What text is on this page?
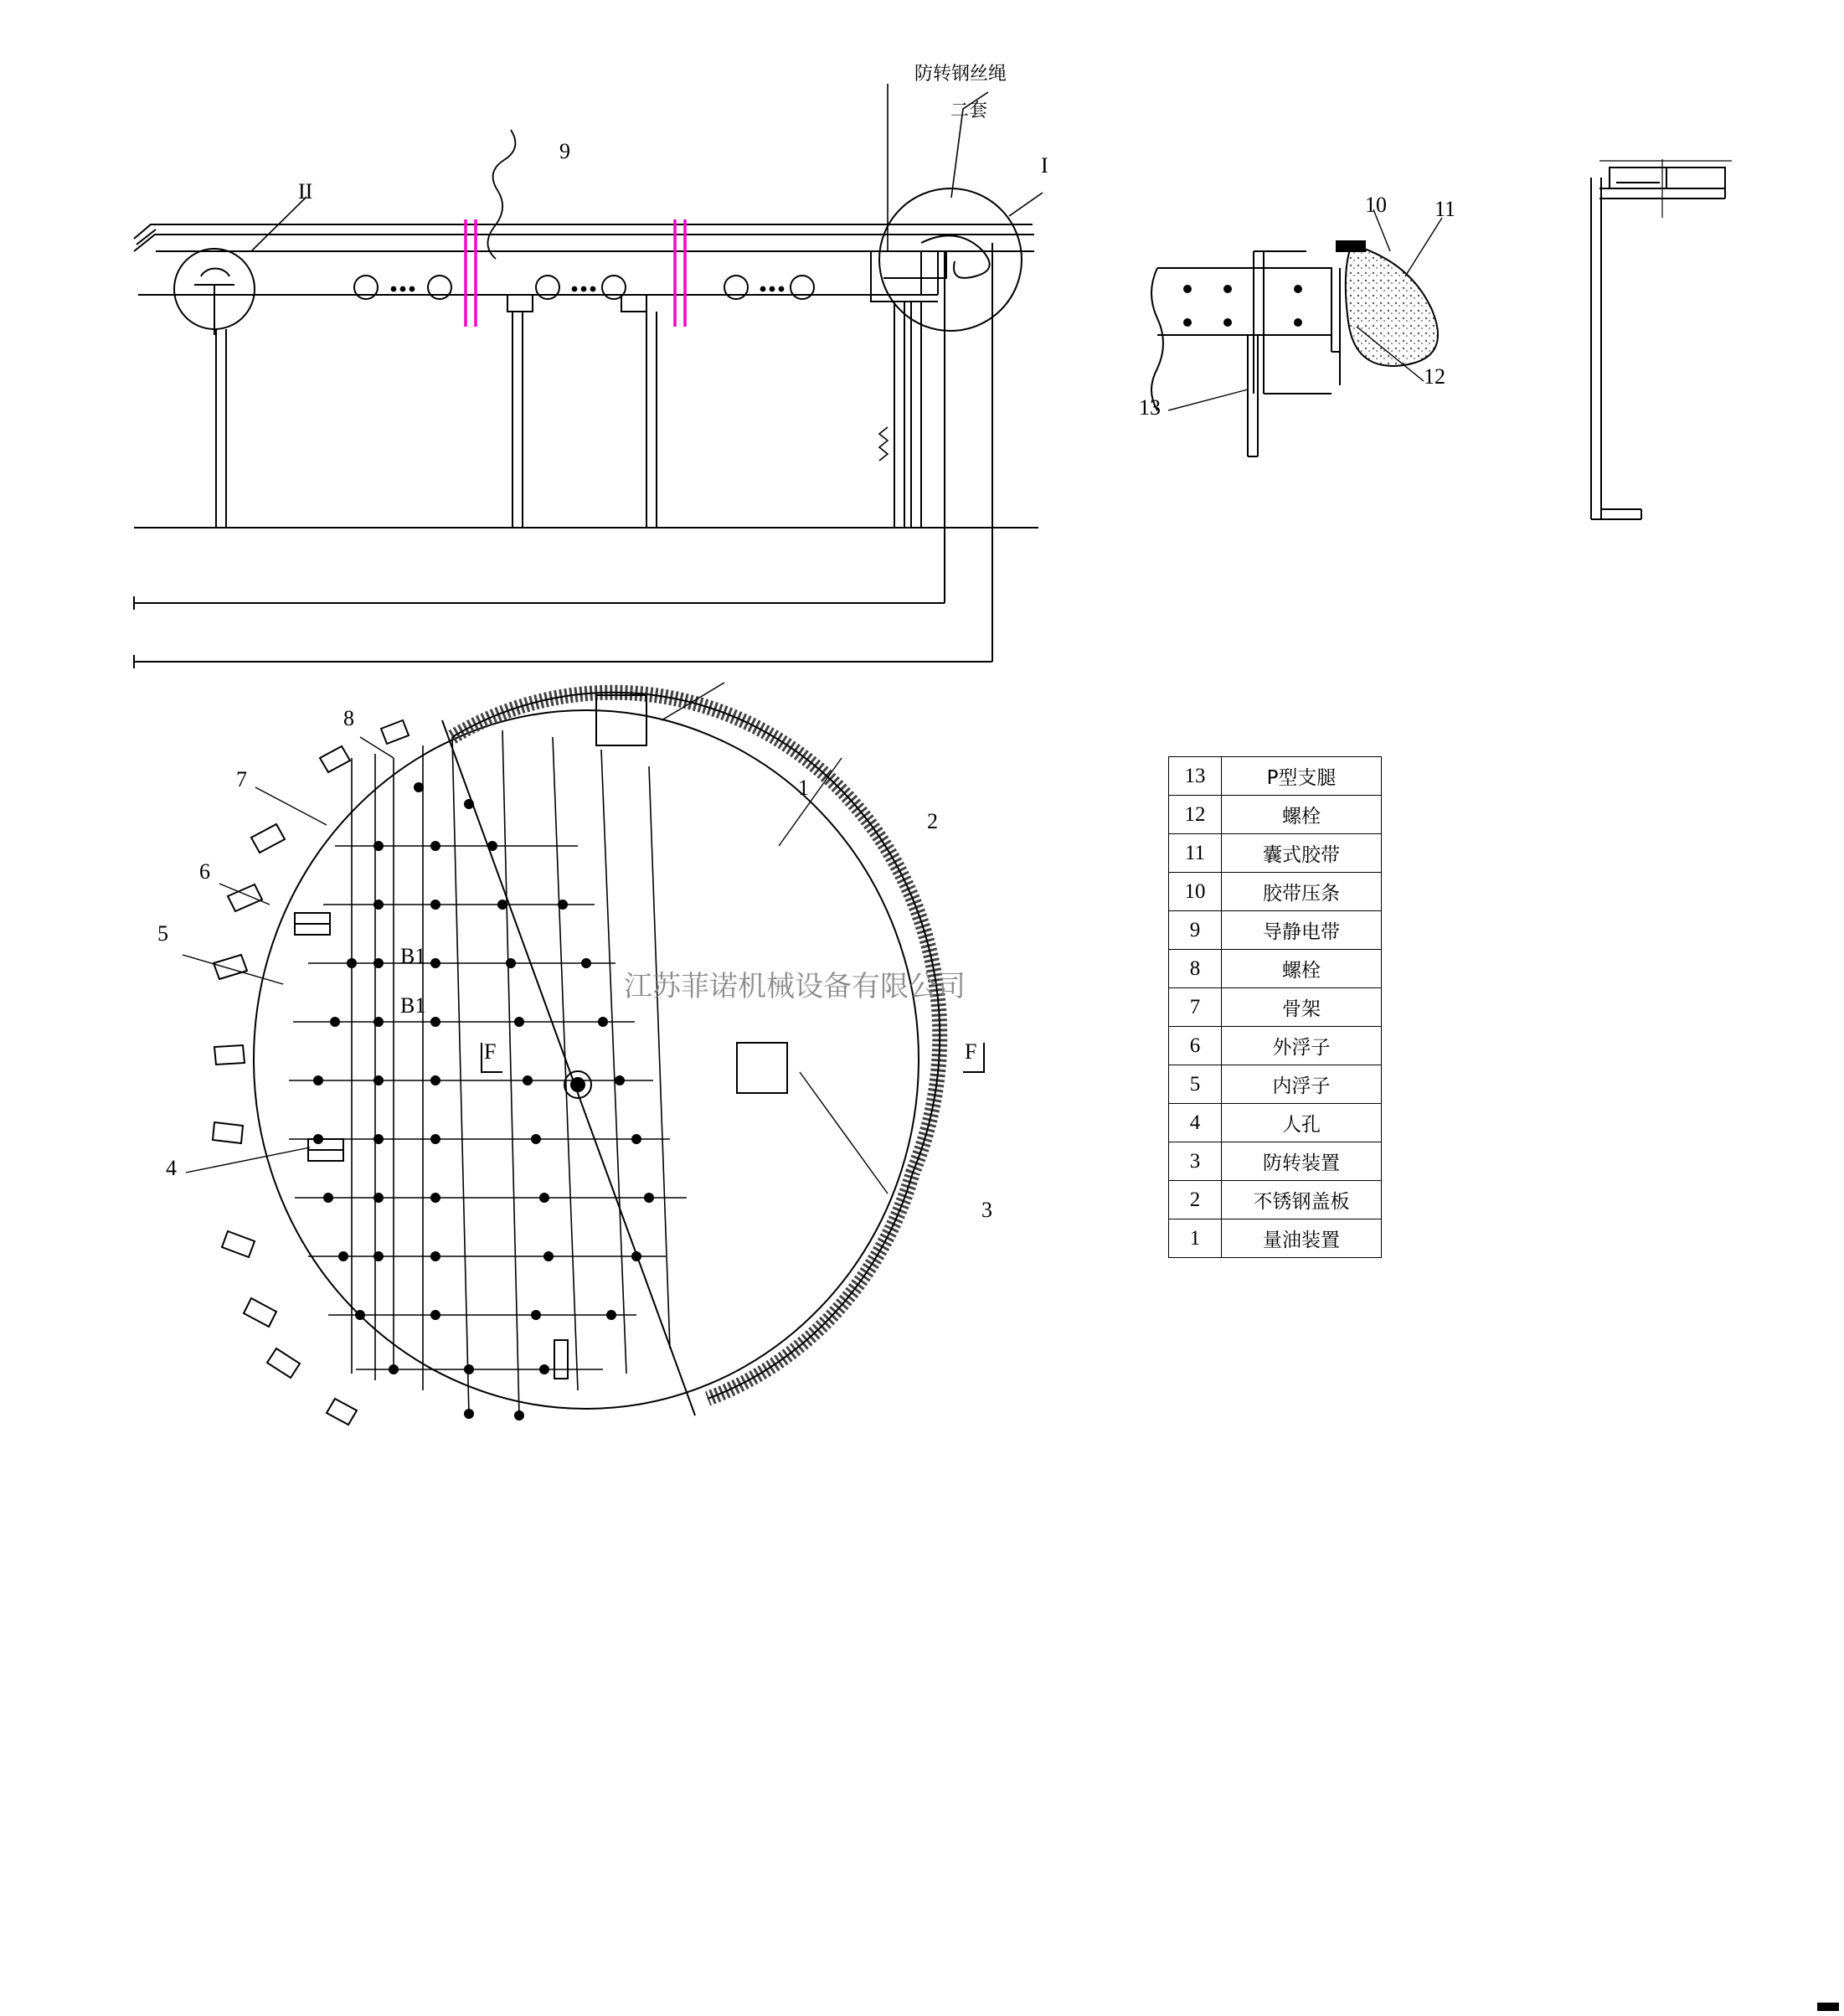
防转钢丝绳
二套
9
I
II
10 11
12
13
1
2
3
4
5
6
7
8
B1
B1
F	F
江苏菲诺机械设备有限公司
13	P型支腿
12	螺栓
11	囊式胶带
10	胶带压条
9	导静电带
8	螺栓
7	骨架
6	外浮子
5	内浮子
4	人孔
3	防转装置
2	不锈钢盖板
1	量油装置
